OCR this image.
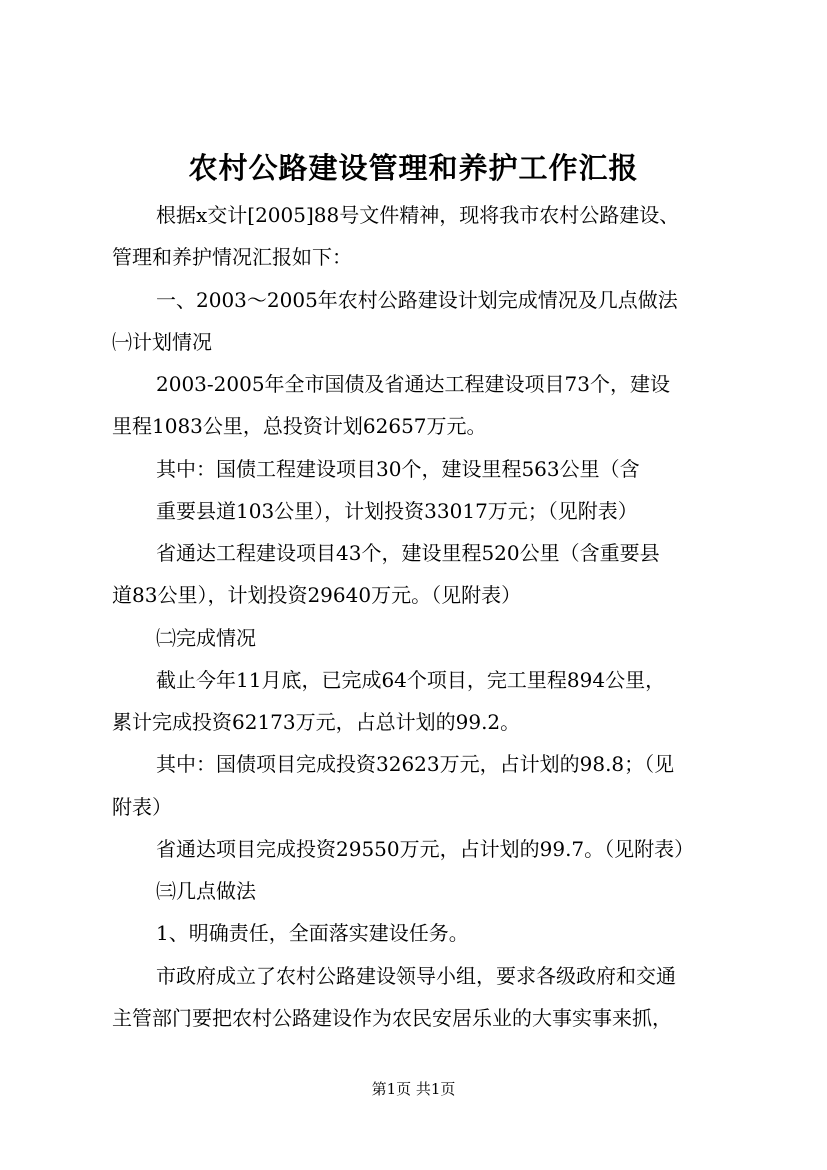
农村公路建设管理和养护工作汇报
根据x交计[2005]88号文件精神，现将我市农村公路建设、
管理和养护情况汇报如下：
一、2003～2005年农村公路建设计划完成情况及几点做法
㈠计划情况
2003-2005年全市国债及省通达工程建设项目73个，建设
里程1083公里，总投资计划62657万元。
其中：国债工程建设项目30个，建设里程563公里（含
重要县道103公里），计划投资33017万元；（见附表）
省通达工程建设项目43个，建设里程520公里（含重要县
道83公里），计划投资29640万元。（见附表）
㈡完成情况
截止今年11月底，已完成64个项目，完工里程894公里，
累计完成投资62173万元，占总计划的99.2。
其中：国债项目完成投资32623万元，占计划的98.8；（见
附表）
省通达项目完成投资29550万元，占计划的99.7。（见附表）
㈢几点做法
1、明确责任，全面落实建设任务。
市政府成立了农村公路建设领导小组，要求各级政府和交通
主管部门要把农村公路建设作为农民安居乐业的大事实事来抓，
第1页 共1页
